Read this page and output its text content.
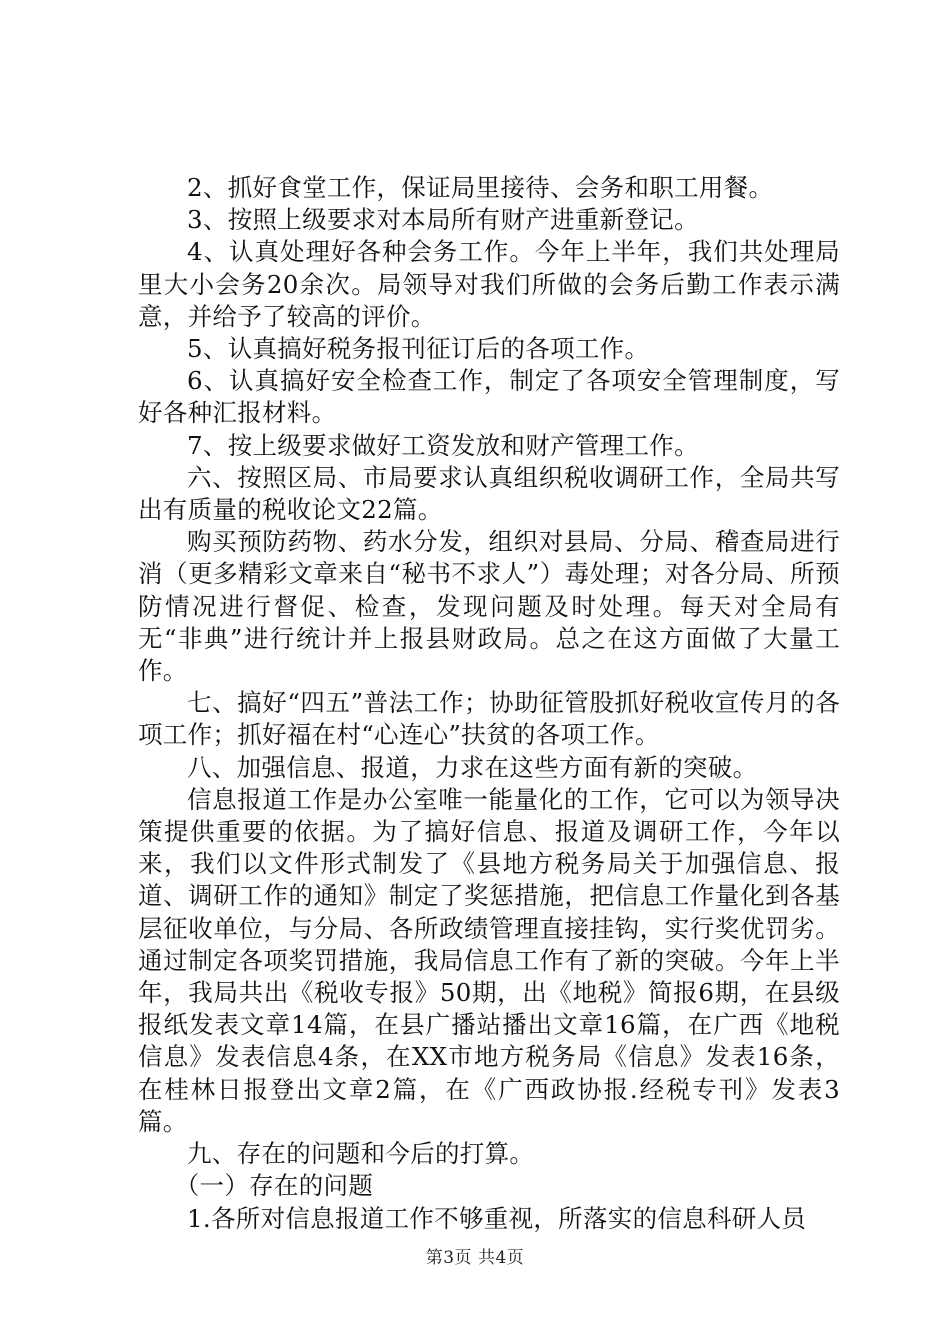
2、抓好食堂工作，保证局里接待、会务和职工用餐。

3、按照上级要求对本局所有财产进重新登记。

4、认真处理好各种会务工作。今年上半年，我们共处理局里大小会务20余次。局领导对我们所做的会务后勤工作表示满意，并给予了较高的评价。

5、认真搞好税务报刊征订后的各项工作。

6、认真搞好安全检查工作，制定了各项安全管理制度，写好各种汇报材料。

7、按上级要求做好工资发放和财产管理工作。

六、按照区局、市局要求认真组织税收调研工作，全局共写出有质量的税收论文22篇。

购买预防药物、药水分发，组织对县局、分局、稽查局进行消（更多精彩文章来自“秘书不求人”）毒处理；对各分局、所预防情况进行督促、检查，发现问题及时处理。每天对全局有无“非典”进行统计并上报县财政局。总之在这方面做了大量工作。

七、搞好“四五”普法工作；协助征管股抓好税收宣传月的各项工作；抓好福在村“心连心”扶贫的各项工作。

八、加强信息、报道，力求在这些方面有新的突破。

信息报道工作是办公室唯一能量化的工作，它可以为领导决策提供重要的依据。为了搞好信息、报道及调研工作，今年以来，我们以文件形式制发了《县地方税务局关于加强信息、报道、调研工作的通知》制定了奖惩措施，把信息工作量化到各基层征收单位，与分局、各所政绩管理直接挂钩，实行奖优罚劣。通过制定各项奖罚措施，我局信息工作有了新的突破。今年上半年，我局共出《税收专报》50期，出《地税》简报6期，在县级报纸发表文章14篇，在县广播站播出文章16篇，在广西《地税信息》发表信息4条，在XX市地方税务局《信息》发表16条，在桂林日报登出文章2篇，在《广西政协报.经税专刊》发表3篇。

九、存在的问题和今后的打算。

（一）存在的问题

1.各所对信息报道工作不够重视，所落实的信息科研人员

第3页 共4页
